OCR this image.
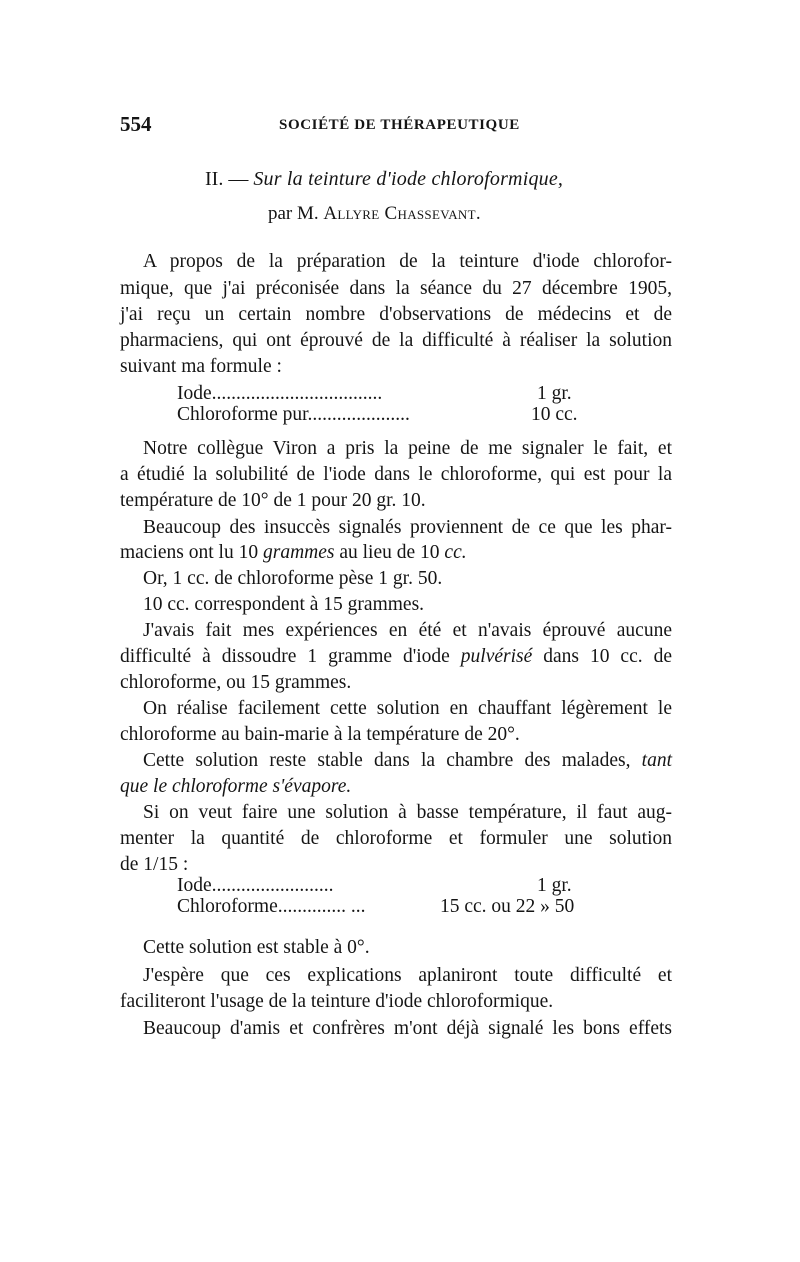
554	SOCIÉTÉ DE THÉRAPEUTIQUE
II. — Sur la teinture d'iode chloroformique,
par M. Allyre Chassevant.
A propos de la préparation de la teinture d'iode chlorofor-
mique, que j'ai préconisée dans la séance du 27 décembre 1905,
j'ai reçu un certain nombre d'observations de médecins et de
pharmaciens, qui ont éprouvé de la difficulté à réaliser la solution
suivant ma formule :
Iode...................................	1 gr.
Chloroforme pur.....................	10 cc.
Notre collègue Viron a pris la peine de me signaler le fait, et
a étudié la solubilité de l'iode dans le chloroforme, qui est pour la
température de 10° de 1 pour 20 gr. 10.
Beaucoup des insuccès signalés proviennent de ce que les phar-
maciens ont lu 10 grammes au lieu de 10 cc.
Or, 1 cc. de chloroforme pèse 1 gr. 50.
10 cc. correspondent à 15 grammes.
J'avais fait mes expériences en été et n'avais éprouvé aucune
difficulté à dissoudre 1 gramme d'iode pulvérisé dans 10 cc. de
chloroforme, ou 15 grammes.
On réalise facilement cette solution en chauffant légèrement le
chloroforme au bain-marie à la température de 20°.
Cette solution reste stable dans la chambre des malades, tant
que le chloroforme s'évapore.
Si on veut faire une solution à basse température, il faut aug-
menter la quantité de chloroforme et formuler une solution
de 1/15 :
Iode.........................	1 gr.
Chloroforme.............. ...	15 cc. ou 22 » 50
Cette solution est stable à 0°.
J'espère que ces explications aplaniront toute difficulté et
faciliteront l'usage de la teinture d'iode chloroformique.
Beaucoup d'amis et confrères m'ont déjà signalé les bons effets
